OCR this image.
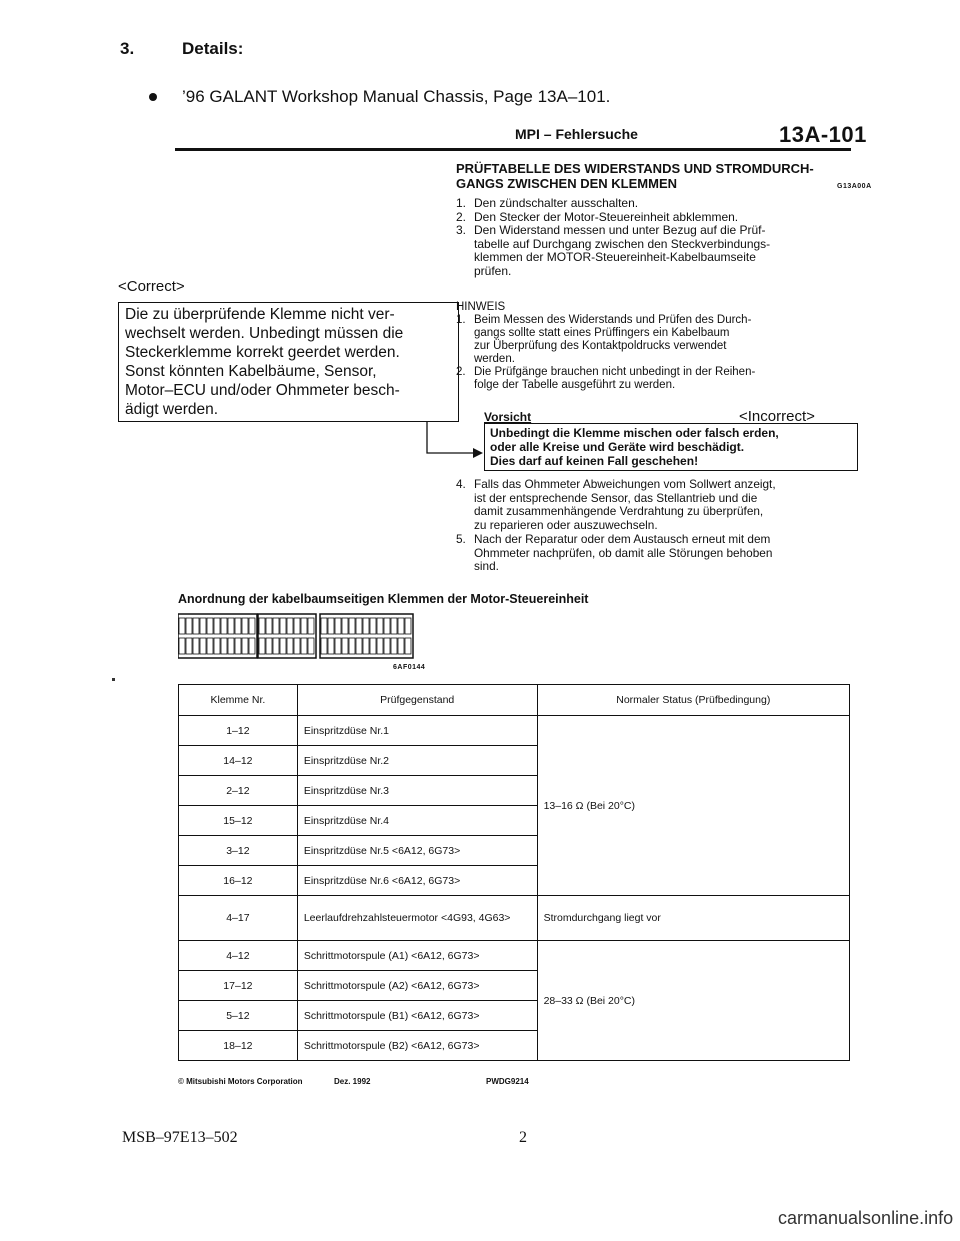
3.	Details:
’96 GALANT Workshop Manual Chassis, Page 13A–101.
MPI – Fehlersuche	13A-101
PRÜFTABELLE DES WIDERSTANDS UND STROMDURCH-
GANGS ZWISCHEN DEN KLEMMEN	G13A00A
1. Den zündschalter ausschalten.
2. Den Stecker der Motor-Steuereinheit abklemmen.
3. Den Widerstand messen und unter Bezug auf die Prüf-
tabelle auf Durchgang zwischen den Steckverbindungs-
klemmen der MOTOR-Steuereinheit-Kabelbaumseite
prüfen.
HINWEIS
1. Beim Messen des Widerstands und Prüfen des Durch-
gangs sollte statt eines Prüffingers ein Kabelbaum
zur Überprüfung des Kontaktpoldrucks verwendet
werden.
2. Die Prüfgänge brauchen nicht unbedingt in der Reihen-
folge der Tabelle ausgeführt zu werden.
<Correct>
Die zu überprüfende Klemme nicht ver-
wechselt werden. Unbedingt müssen die
Steckerklemme korrekt geerdet werden.
Sonst könnten Kabelbäume, Sensor,
Motor–ECU und/oder Ohmmeter besch-
ädigt werden.	Vorsicht	<Incorrect>
Unbedingt die Klemme mischen oder falsch erden,
oder alle Kreise und Geräte wird beschädigt.
Dies darf auf keinen Fall geschehen!
4. Falls das Ohmmeter Abweichungen vom Sollwert anzeigt,
ist der entsprechende Sensor, das Stellantrieb und die
damit zusammenhängende Verdrahtung zu überprüfen,
zu reparieren oder auszuwechseln.
5. Nach der Reparatur oder dem Austausch erneut mit dem
Ohmmeter nachprüfen, ob damit alle Störungen behoben
sind.
Anordnung der kabelbaumseitigen Klemmen der Motor-Steuereinheit
6AF0144
Klemme Nr.	Prüfgegenstand	Normaler Status (Prüfbedingung)
1–12	Einspritzdüse Nr.1	13–16 Ω (Bei 20°C)
14–12	Einspritzdüse Nr.2	
2–12	Einspritzdüse Nr.3	
15–12	Einspritzdüse Nr.4	
3–12	Einspritzdüse Nr.5 <6A12, 6G73>	
16–12	Einspritzdüse Nr.6 <6A12, 6G73>	
4–17	Leerlaufdrehzahlsteuermotor <4G93, 4G63>	Stromdurchgang liegt vor
4–12	Schrittmotorspule (A1) <6A12, 6G73>	28–33 Ω (Bei 20°C)
17–12	Schrittmotorspule (A2) <6A12, 6G73>	
5–12	Schrittmotorspule (B1) <6A12, 6G73>	
18–12	Schrittmotorspule (B2) <6A12, 6G73>	
© Mitsubishi Motors Corporation	Dez. 1992	PWDG9214
MSB–97E13–502	2
carmanualsonline.info
